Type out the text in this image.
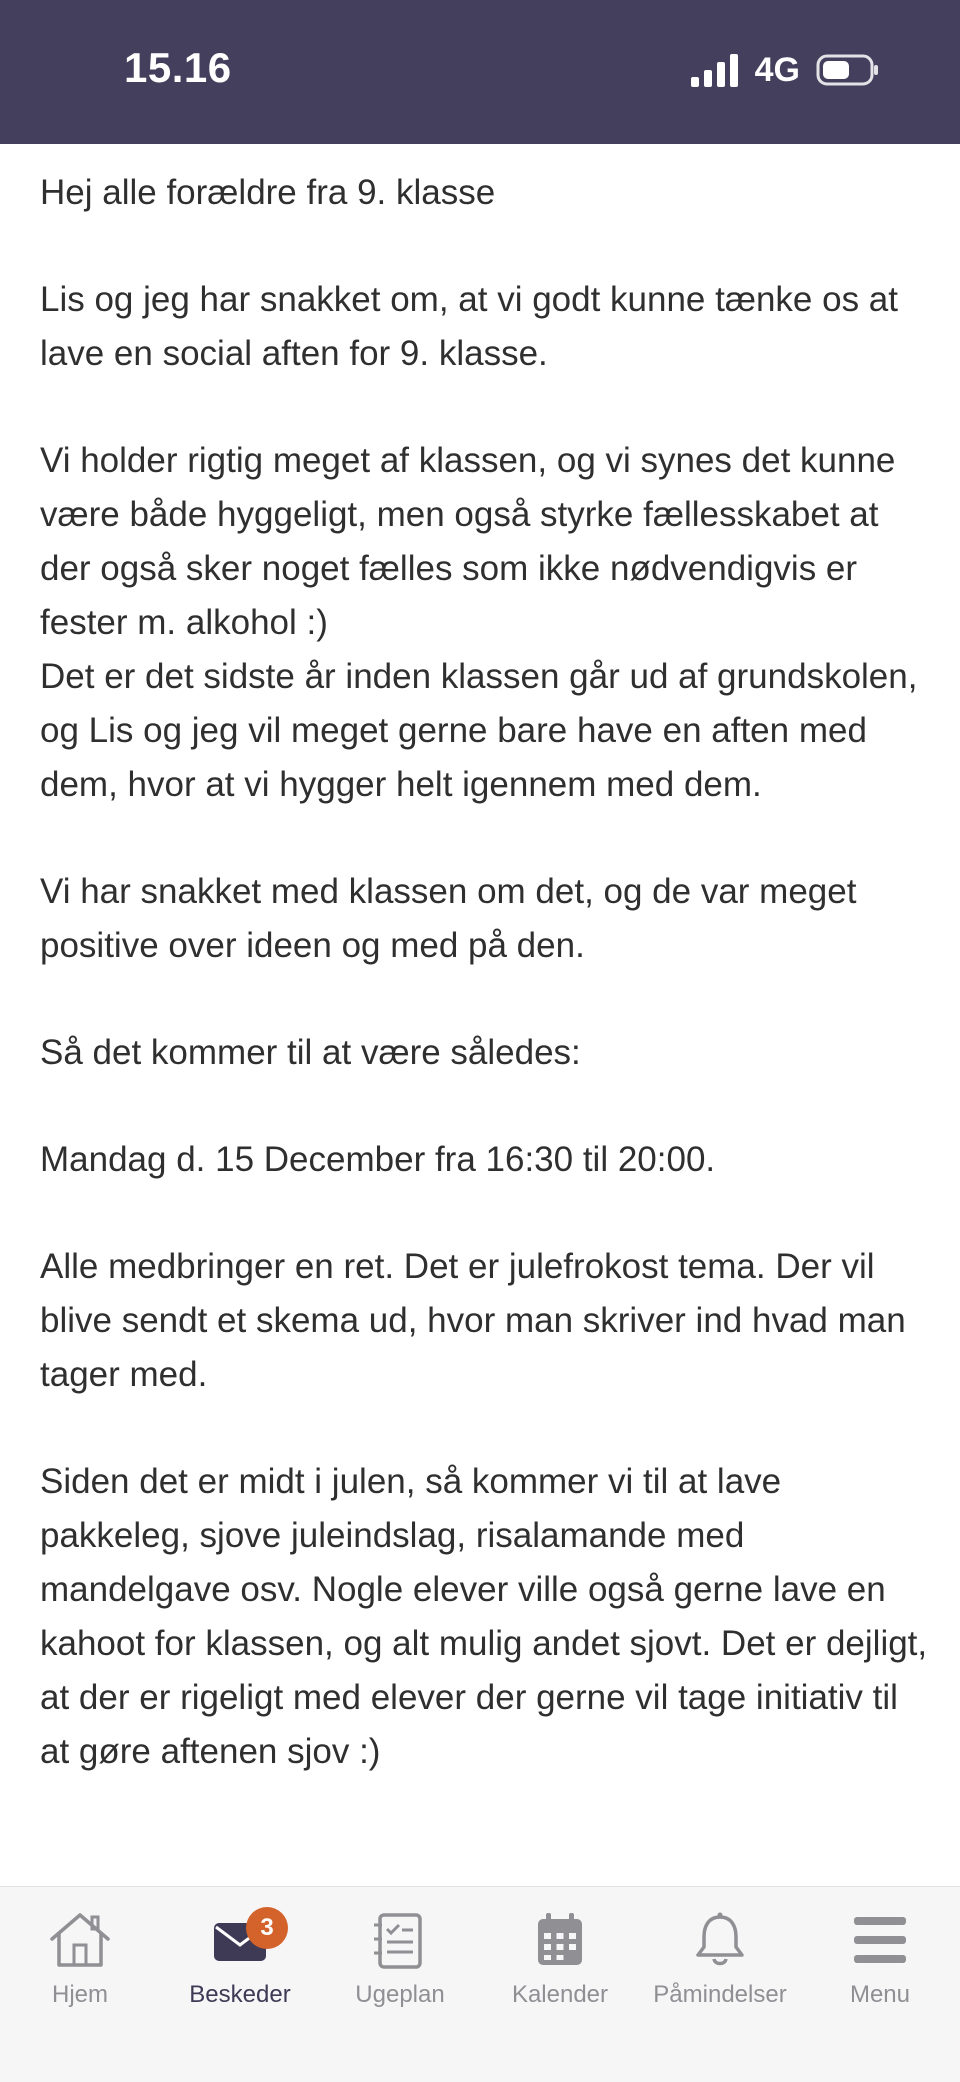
15.16	4G

Hej alle forældre fra 9. klasse

Lis og jeg har snakket om, at vi godt kunne tænke os at lave en social aften for 9. klasse.

Vi holder rigtig meget af klassen, og vi synes det kunne være både hyggeligt, men også styrke fællesskabet at der også sker noget fælles som ikke nødvendigvis er fester m. alkohol :)

Det er det sidste år inden klassen går ud af grundskolen, og Lis og jeg vil meget gerne bare have en aften med dem, hvor at vi hygger helt igennem med dem.

Vi har snakket med klassen om det, og de var meget positive over ideen og med på den.

Så det kommer til at være således:

Mandag d. 15 December fra 16:30 til 20:00.

Alle medbringer en ret. Det er julefrokost tema. Der vil blive sendt et skema ud, hvor man skriver ind hvad man tager med.

Siden det er midt i julen, så kommer vi til at lave pakkeleg, sjove juleindslag, risalamande med mandelgave osv. Nogle elever ville også gerne lave en kahoot for klassen, og alt mulig andet sjovt. Det er dejligt, at der er rigeligt med elever der gerne vil tage initiativ til at gøre aftenen sjov :)

Hjem
3
Beskeder	Ugeplan	Kalender	Påmindelser	Menu
